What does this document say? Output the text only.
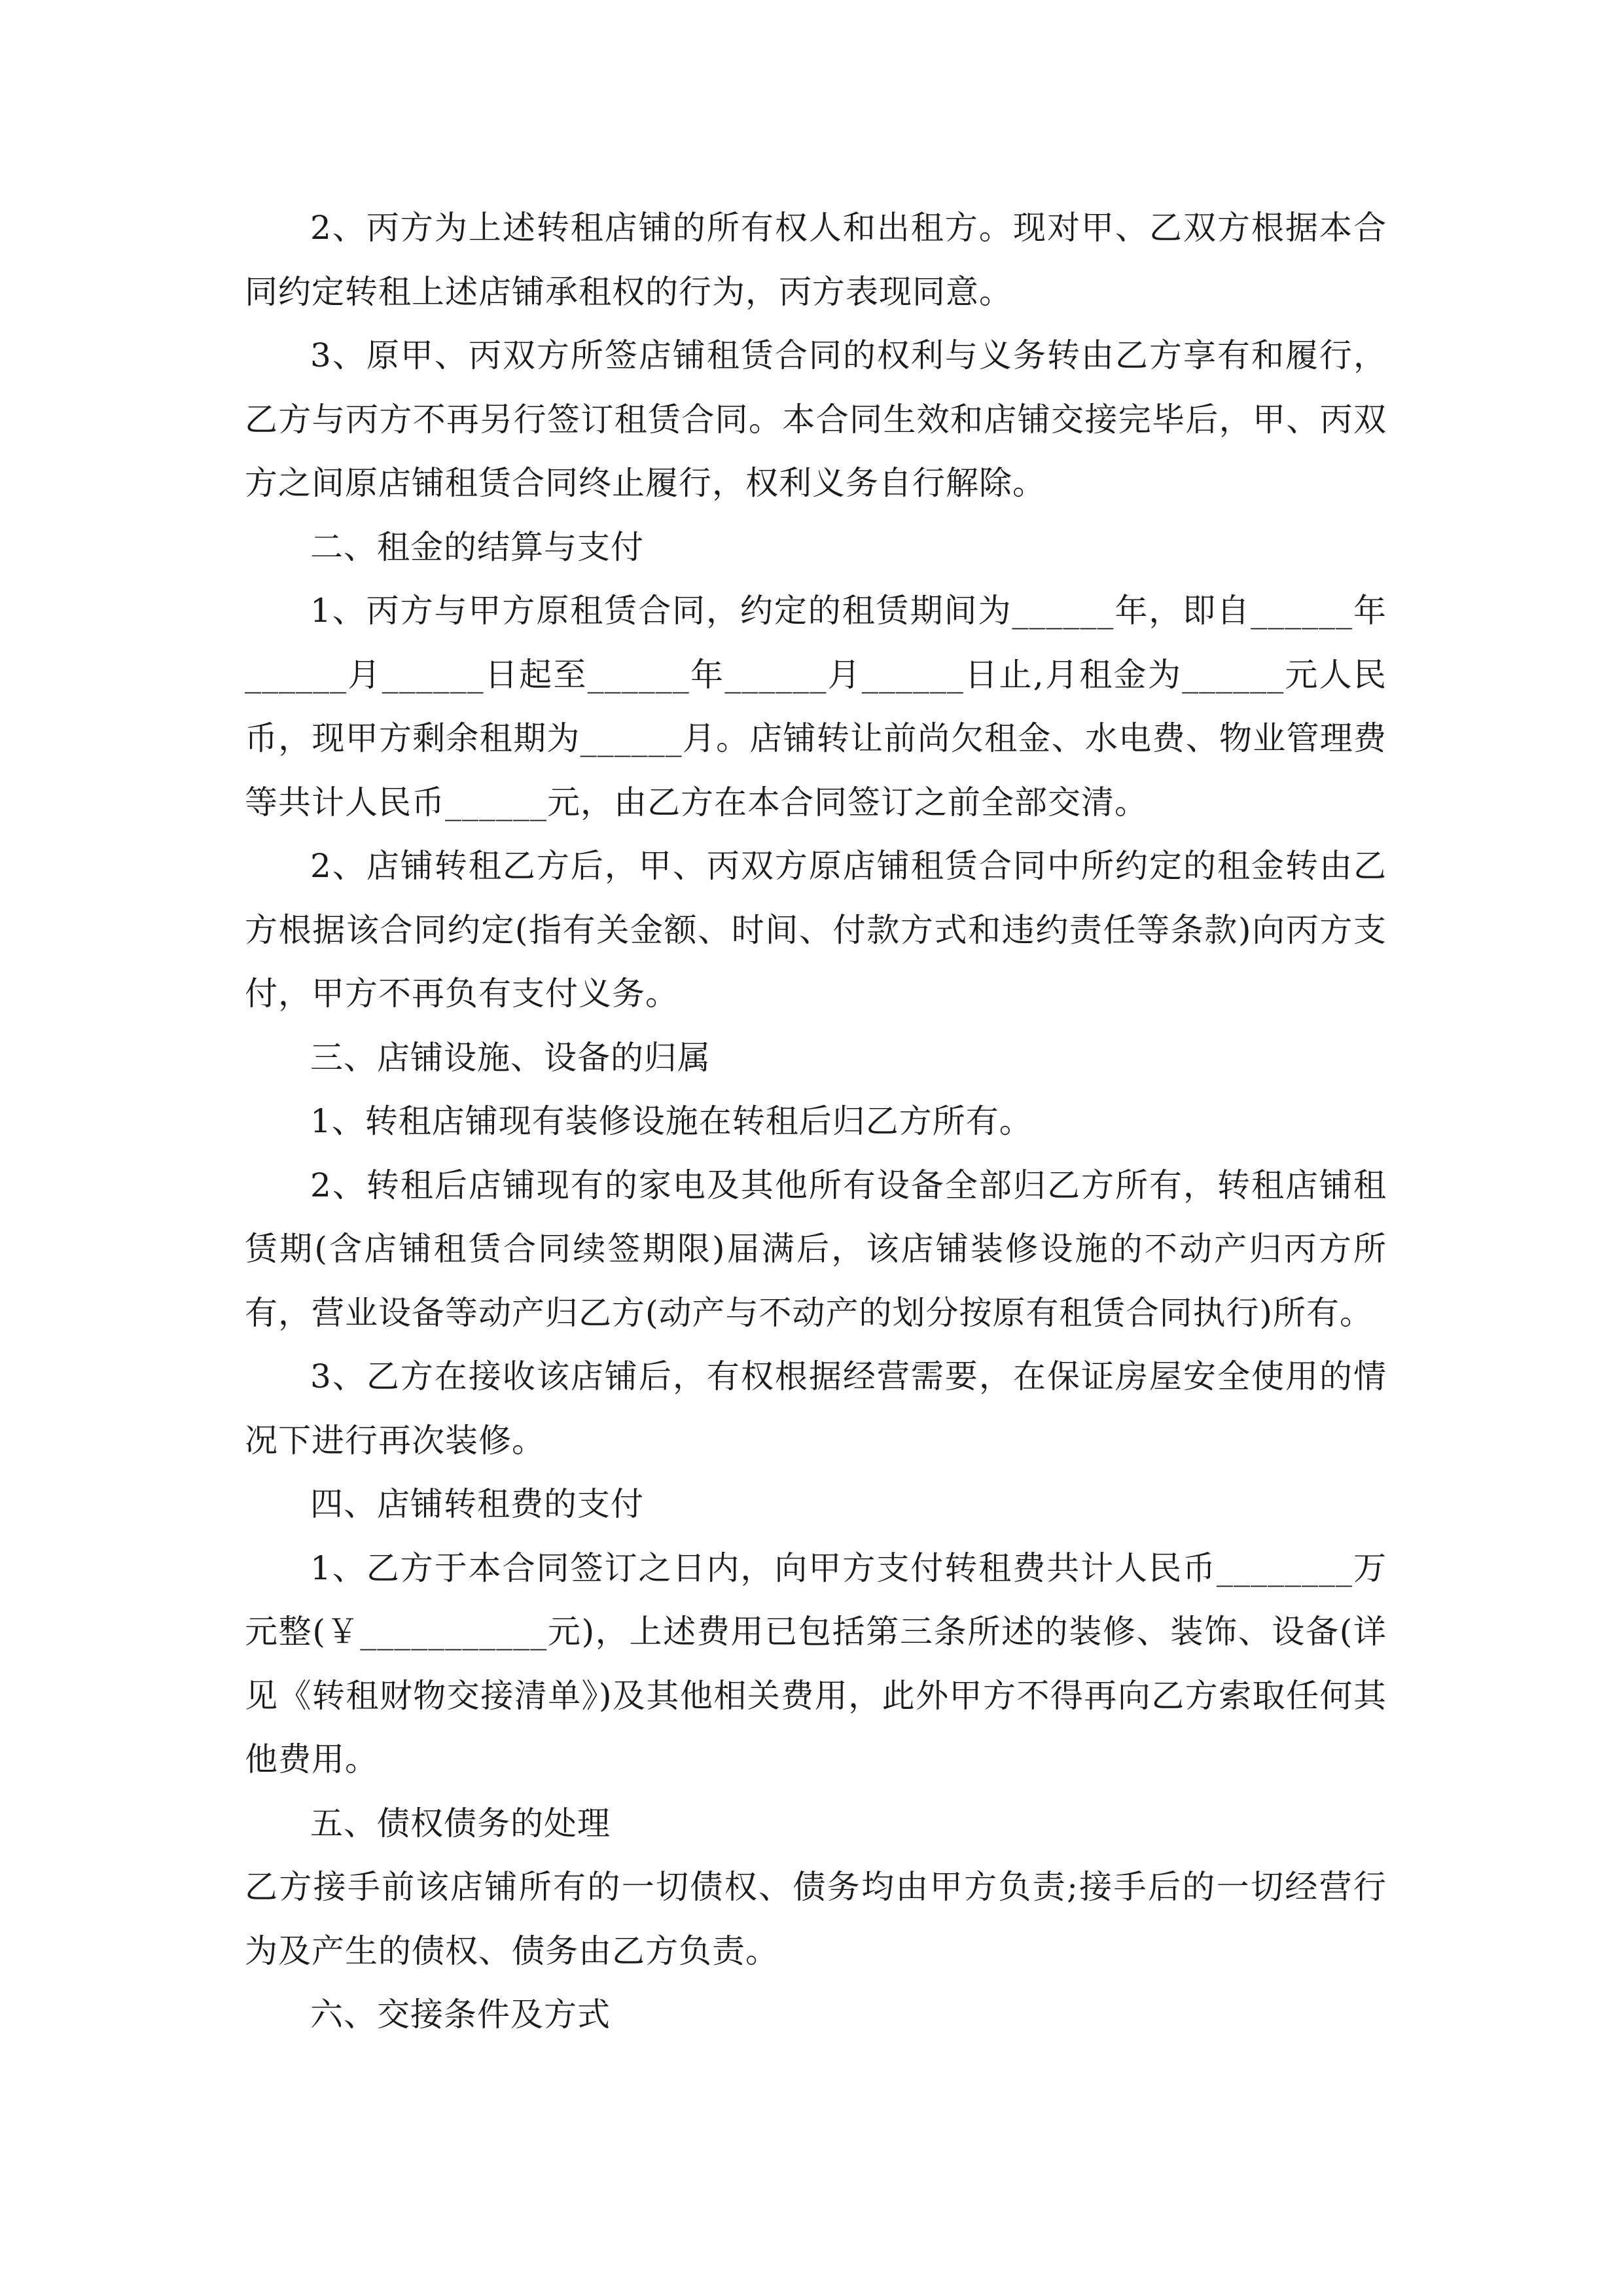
2、丙方为上述转租店铺的所有权人和出租方。现对甲、乙双方根据本合同约定转租上述店铺承租权的行为，丙方表现同意。

3、原甲、丙双方所签店铺租赁合同的权利与义务转由乙方享有和履行，乙方与丙方不再另行签订租赁合同。本合同生效和店铺交接完毕后，甲、丙双方之间原店铺租赁合同终止履行，权利义务自行解除。

二、租金的结算与支付

1、丙方与甲方原租赁合同，约定的租赁期间为______年，即自______年______月______日起至______年______月______日止,月租金为______元人民币，现甲方剩余租期为______月。店铺转让前尚欠租金、水电费、物业管理费等共计人民币______元，由乙方在本合同签订之前全部交清。

2、店铺转租乙方后，甲、丙双方原店铺租赁合同中所约定的租金转由乙方根据该合同约定(指有关金额、时间、付款方式和违约责任等条款)向丙方支付，甲方不再负有支付义务。

三、店铺设施、设备的归属

1、转租店铺现有装修设施在转租后归乙方所有。

2、转租后店铺现有的家电及其他所有设备全部归乙方所有，转租店铺租赁期(含店铺租赁合同续签期限)届满后，该店铺装修设施的不动产归丙方所有，营业设备等动产归乙方(动产与不动产的划分按原有租赁合同执行)所有。

3、乙方在接收该店铺后，有权根据经营需要，在保证房屋安全使用的情况下进行再次装修。

四、店铺转租费的支付

1、乙方于本合同签订之日内，向甲方支付转租费共计人民币________万元整(￥___________元)，上述费用已包括第三条所述的装修、装饰、设备(详见《转租财物交接清单》)及其他相关费用，此外甲方不得再向乙方索取任何其他费用。

五、债权债务的处理

乙方接手前该店铺所有的一切债权、债务均由甲方负责;接手后的一切经营行为及产生的债权、债务由乙方负责。

六、交接条件及方式
